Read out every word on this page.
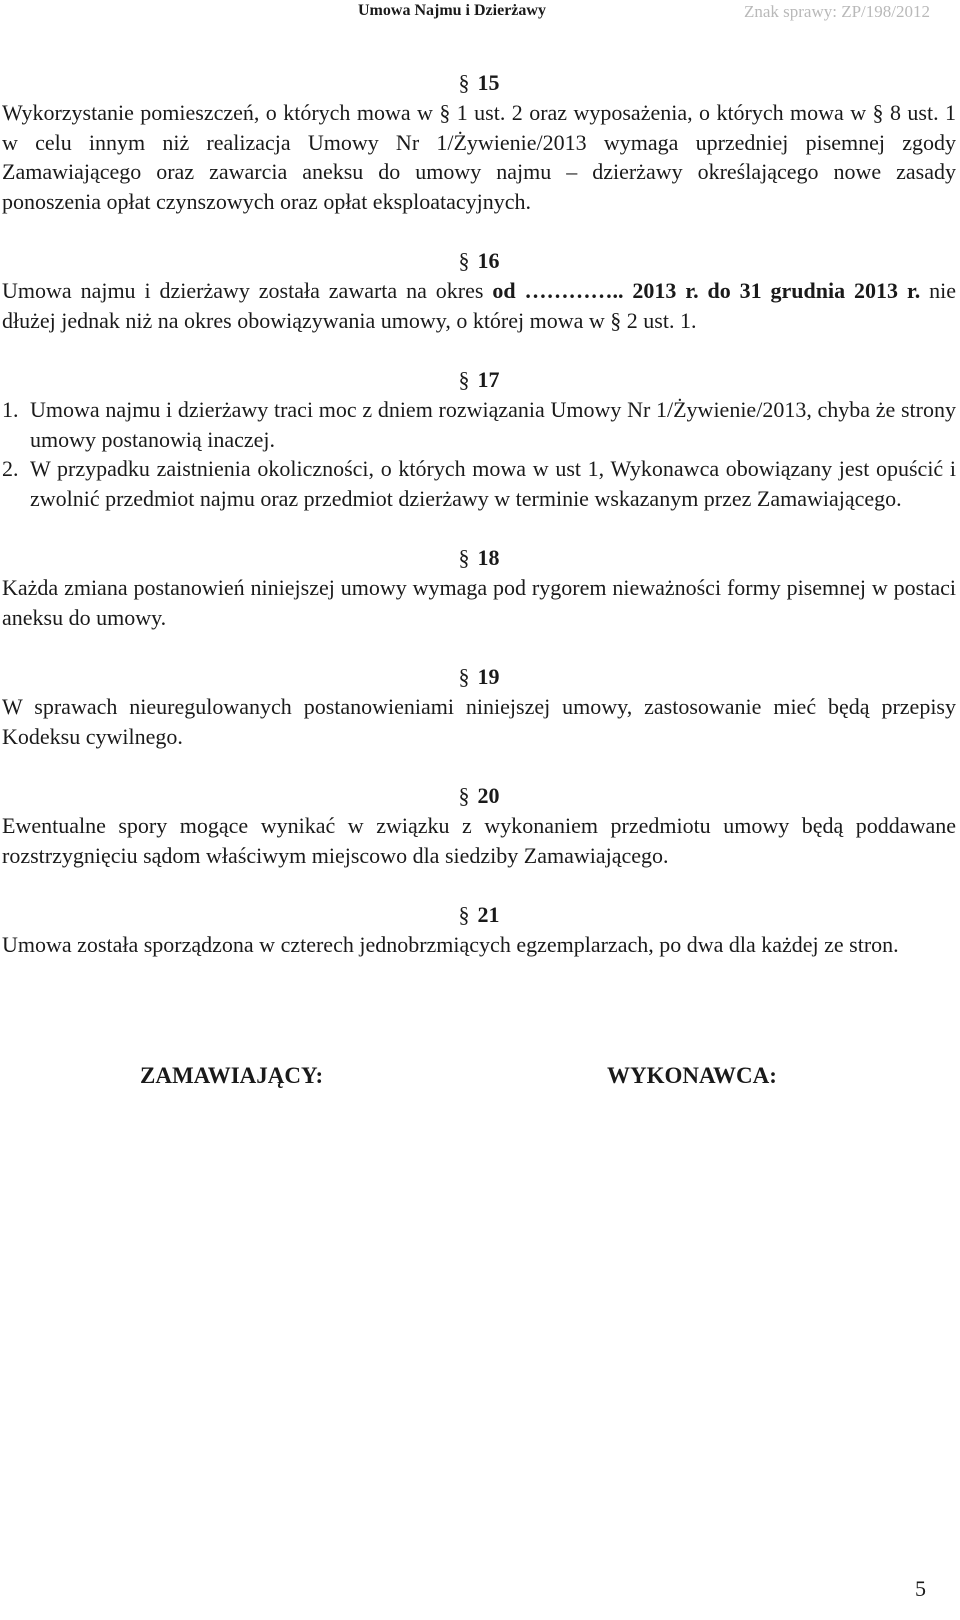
Umowa Najmu i Dzierżawy	Znak sprawy: ZP/198/2012
§ 15

Wykorzystanie pomieszczeń, o których mowa w § 1 ust. 2 oraz wyposażenia, o których mowa w § 8 ust. 1 w celu innym niż realizacja Umowy Nr 1/Żywienie/2013 wymaga uprzedniej pisemnej zgody Zamawiającego oraz zawarcia aneksu do umowy najmu – dzierżawy określającego nowe zasady ponoszenia opłat czynszowych oraz opłat eksploatacyjnych.

§ 16

Umowa najmu i dzierżawy została zawarta na okres od ………….. 2013 r. do 31 grudnia 2013 r. nie dłużej jednak niż na okres obowiązywania umowy, o której mowa w § 2 ust. 1.

§ 17
1. Umowa najmu i dzierżawy traci moc z dniem rozwiązania Umowy Nr 1/Żywienie/2013, chyba że strony umowy postanowią inaczej.
2. W przypadku zaistnienia okoliczności, o których mowa w ust 1, Wykonawca obowiązany jest opuścić i zwolnić przedmiot najmu oraz przedmiot dzierżawy w terminie wskazanym przez Zamawiającego.
§ 18

Każda zmiana postanowień niniejszej umowy wymaga pod rygorem nieważności formy pisemnej w postaci aneksu do umowy.

§ 19

W sprawach nieuregulowanych postanowieniami niniejszej umowy, zastosowanie mieć będą przepisy Kodeksu cywilnego.

§ 20

Ewentualne spory mogące wynikać w związku z wykonaniem przedmiotu umowy będą poddawane rozstrzygnięciu sądom właściwym miejscowo dla siedziby Zamawiającego.

§ 21

Umowa została sporządzona w czterech jednobrzmiących egzemplarzach, po dwa dla każdej ze stron.

ZAMAWIAJĄCY:	WYKONAWCA:
5
